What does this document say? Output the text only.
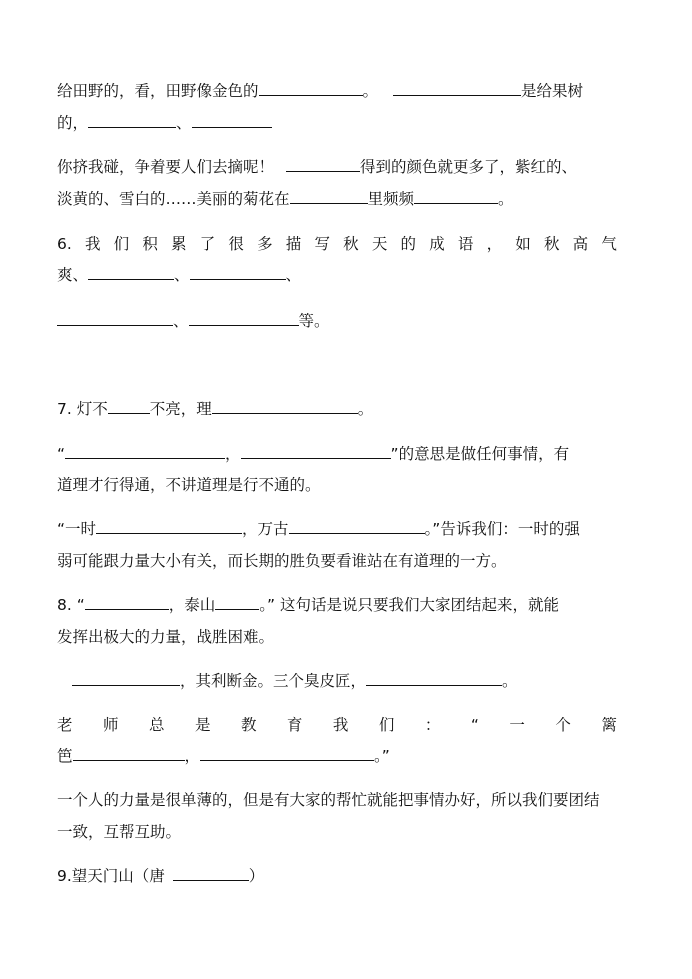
给田野的，看，田野像金色的	。	是给果树
的，	、
你挤我碰，争着要人们去摘呢！	得到的颜色就更多了，紫红的、
淡黄的、雪白的……美丽的菊花在	里频频	。
6. 我 们 积 累 了 很 多 描 写 秋 天 的 成 语 ， 如 秋 高 气
爽、	、	、
、	等。
7. 灯不	不亮，理	。
“	，	”的意思是做任何事情，有
道理才行得通，不讲道理是行不通的。
“一时	，万古	。”告诉我们：一时的强
弱可能跟力量大小有关，而长期的胜负要看谁站在有道理的一方。
8. “	，泰山	。” 这句话是说只要我们大家团结起来，就能
发挥出极大的力量，战胜困难。
，其利断金。三个臭皮匠，	。
老 师 总 是 教 育 我 们 ： “ 一 个 篱
笆	，	。”
一个人的力量是很单薄的，但是有大家的帮忙就能把事情办好，所以我们要团结
一致，互帮互助。
9.望天门山（唐	）
